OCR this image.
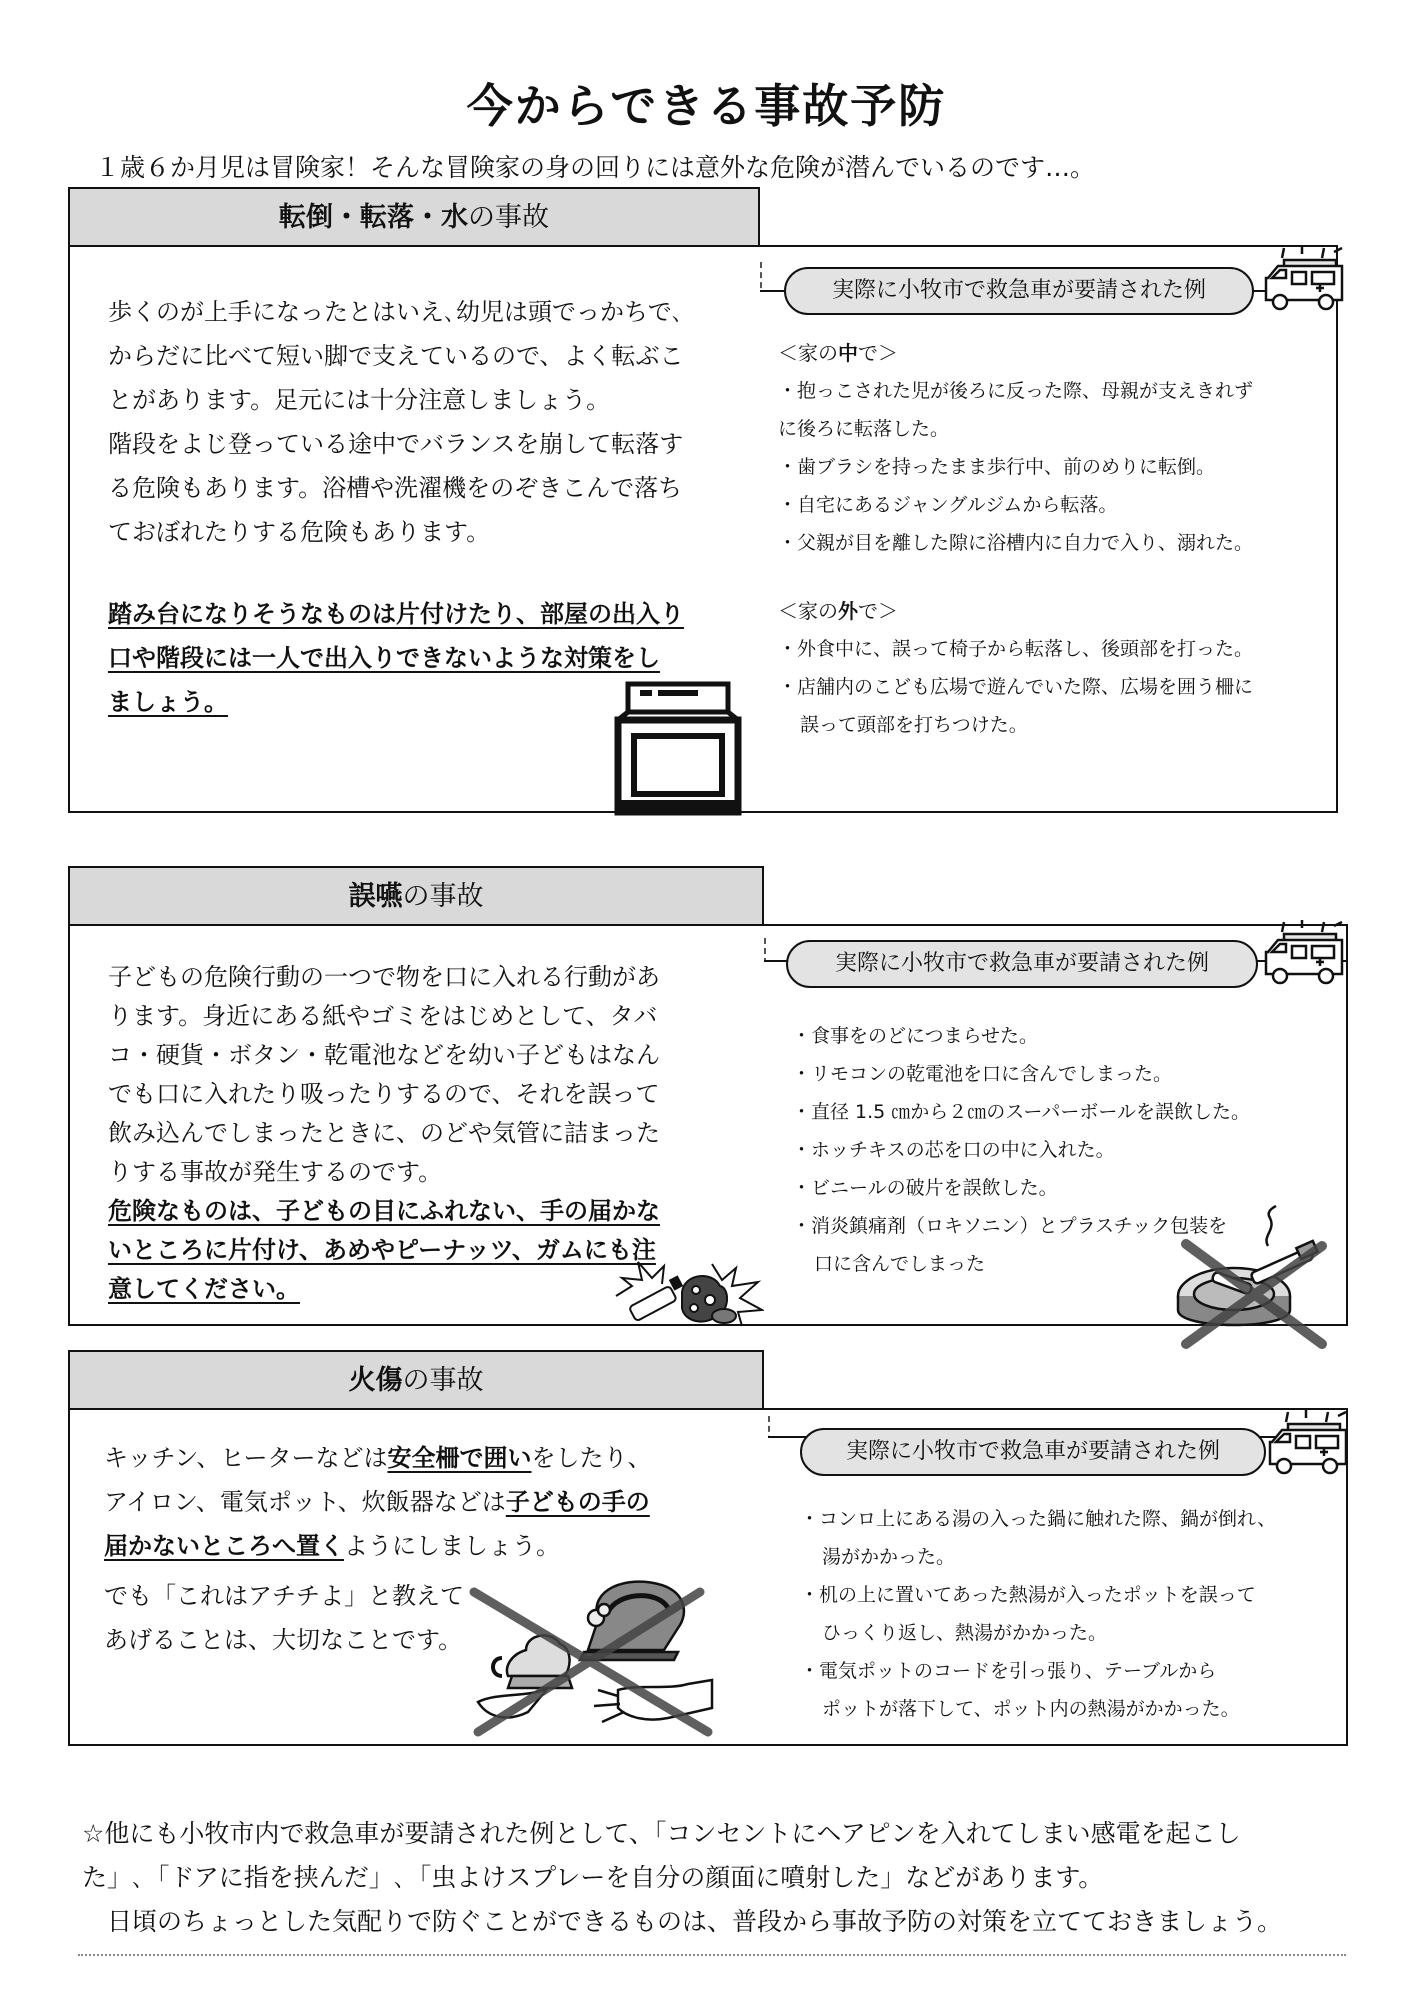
今からできる事故予防
１歳６か月児は冒険家！そんな冒険家の身の回りには意外な危険が潜んでいるのです…。
転倒・転落・水の事故

歩くのが上手になったとはいえ､幼児は頭でっかちで､

からだに比べて短い脚で支えているので、よく転ぶこ

とがあります。足元には十分注意しましょう。

階段をよじ登っている途中でバランスを崩して転落す

る危険もあります。浴槽や洗濯機をのぞきこんで落ち

ておぼれたりする危険もあります。

踏み台になりそうなものは片付けたり、部屋の出入り

口や階段には一人で出入りできないような対策をし

ましょう。

実際に小牧市で救急車が要請された例

＜家の中で＞

・抱っこされた児が後ろに反った際、母親が支えきれず

に後ろに転落した。

・歯ブラシを持ったまま歩行中、前のめりに転倒。

・自宅にあるジャングルジムから転落。

・父親が目を離した隙に浴槽内に自力で入り、溺れた。

＜家の外で＞

・外食中に、誤って椅子から転落し、後頭部を打った。

・店舗内のこども広場で遊んでいた際、広場を囲う柵に

誤って頭部を打ちつけた。

誤嚥の事故

子どもの危険行動の一つで物を口に入れる行動があ

ります。身近にある紙やゴミをはじめとして、タバ

コ・硬貨・ボタン・乾電池などを幼い子どもはなん

でも口に入れたり吸ったりするので、それを誤って

飲み込んでしまったときに、のどや気管に詰まった

りする事故が発生するのです。

危険なものは、子どもの目にふれない、手の届かな

いところに片付け、あめやピーナッツ、ガムにも注

意してください。

実際に小牧市で救急車が要請された例

・食事をのどにつまらせた。

・リモコンの乾電池を口に含んでしまった。

・直径 1.5 ㎝から２㎝のスーパーボールを誤飲した。

・ホッチキスの芯を口の中に入れた。

・ビニールの破片を誤飲した。

・消炎鎮痛剤（ロキソニン）とプラスチック包装を

口に含んでしまった

火傷の事故

キッチン、ヒーターなどは安全柵で囲いをしたり、

アイロン、電気ポット、炊飯器などは子どもの手の

届かないところへ置くようにしましょう。

でも「これはアチチよ」と教えて

あげることは、大切なことです。

実際に小牧市で救急車が要請された例

・コンロ上にある湯の入った鍋に触れた際、鍋が倒れ、

湯がかかった。

・机の上に置いてあった熱湯が入ったポットを誤って

ひっくり返し、熱湯がかかった。

・電気ポットのコードを引っ張り、テーブルから

ポットが落下して、ポット内の熱湯がかかった。

☆他にも小牧市内で救急車が要請された例として、「コンセントにヘアピンを入れてしまい感電を起こし

た」､「ドアに指を挟んだ」､「虫よけスプレーを自分の顔面に噴射した」などがあります。

　日頃のちょっとした気配りで防ぐことができるものは、普段から事故予防の対策を立てておきましょう。
